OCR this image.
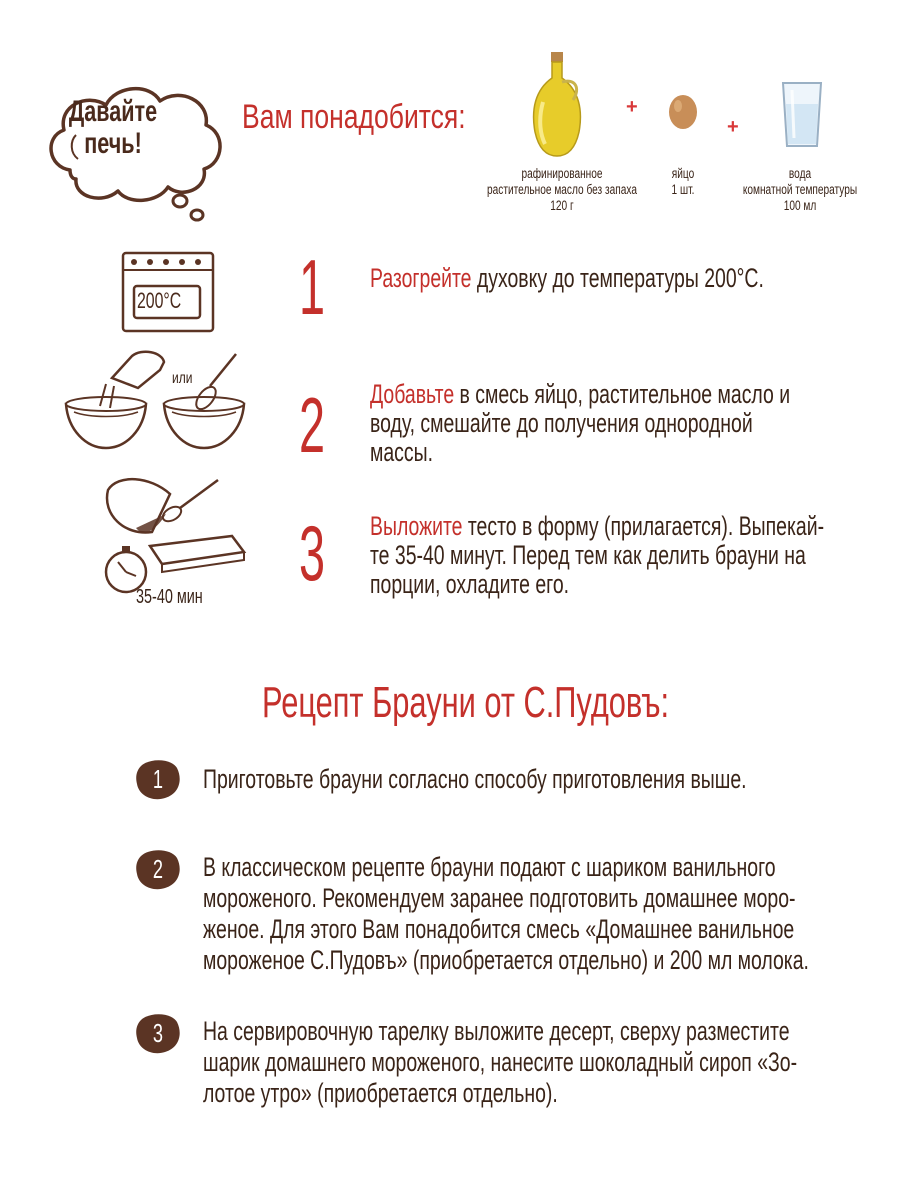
Давайте
печь!
Вам понадобится:	+
+
рафинированное
растительное масло без запаха
120 г
яйцо
1 шт.
вода
комнатной температуры
100 мл
200°С 1 Разогрейте духовку до температуры 200°С.
или
2 Добавьте в смесь яйцо, растительное масло и
воду, смешайте до получения однородной
массы.
35-40 мин 3 Выложите тесто в форму (прилагается). Выпекай-
те 35-40 минут. Перед тем как делить брауни на
порции, охладите его.
Рецепт Брауни от С.Пудовъ:
1	Приготовьте брауни согласно способу приготовления выше.
2	В классическом рецепте брауни подают с шариком ванильного
мороженого. Рекомендуем заранее подготовить домашнее моро-
женое. Для этого Вам понадобится смесь «Домашнее ванильное
мороженое С.Пудовъ» (приобретается отдельно) и 200 мл молока.
3	На сервировочную тарелку выложите десерт, сверху разместите
шарик домашнего мороженого, нанесите шоколадный сироп «Зо-
лотое утро» (приобретается отдельно).
